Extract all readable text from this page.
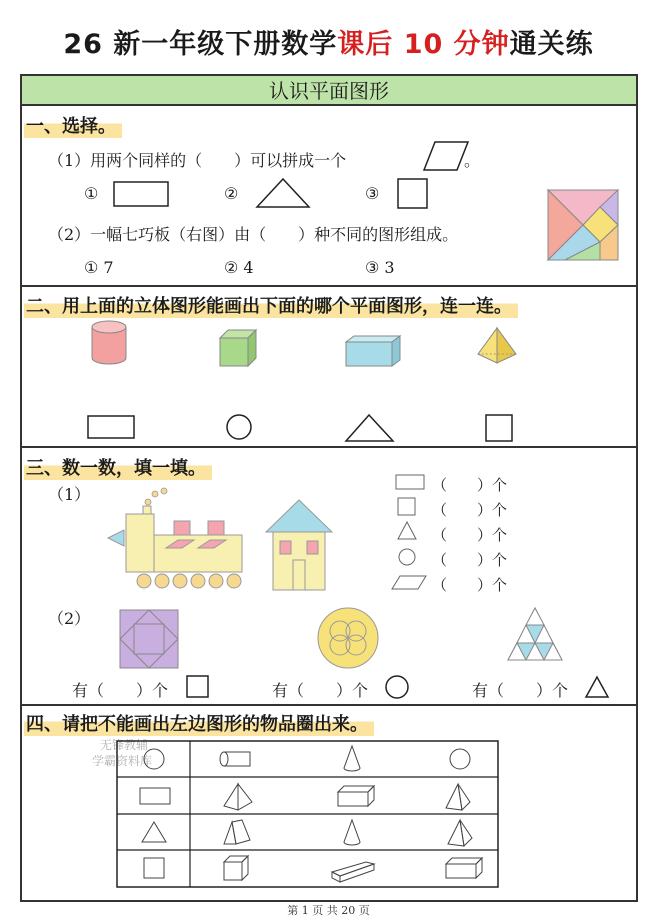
26 新一年级下册数学课后 10 分钟通关练
认识平面图形
一、选择。
（1）用两个同样的（　　）可以拼成一个	。
①	②	③
（2）一幅七巧板（右图）由（　　）种不同的图形组成。
① 7	② 4	③ 3
二、用上面的立体图形能画出下面的哪个平面图形，连一连。
三、数一数，填一填。
（1）	（　　）个
（　　）个
（　　）个
（　　）个
（　　）个
（2）
有（　　）个	有（　　）个	有（　　）个
四、请把不能画出左边图形的物品圈出来。
无锋教辅
学霸资料库
第 1 页 共 20 页
